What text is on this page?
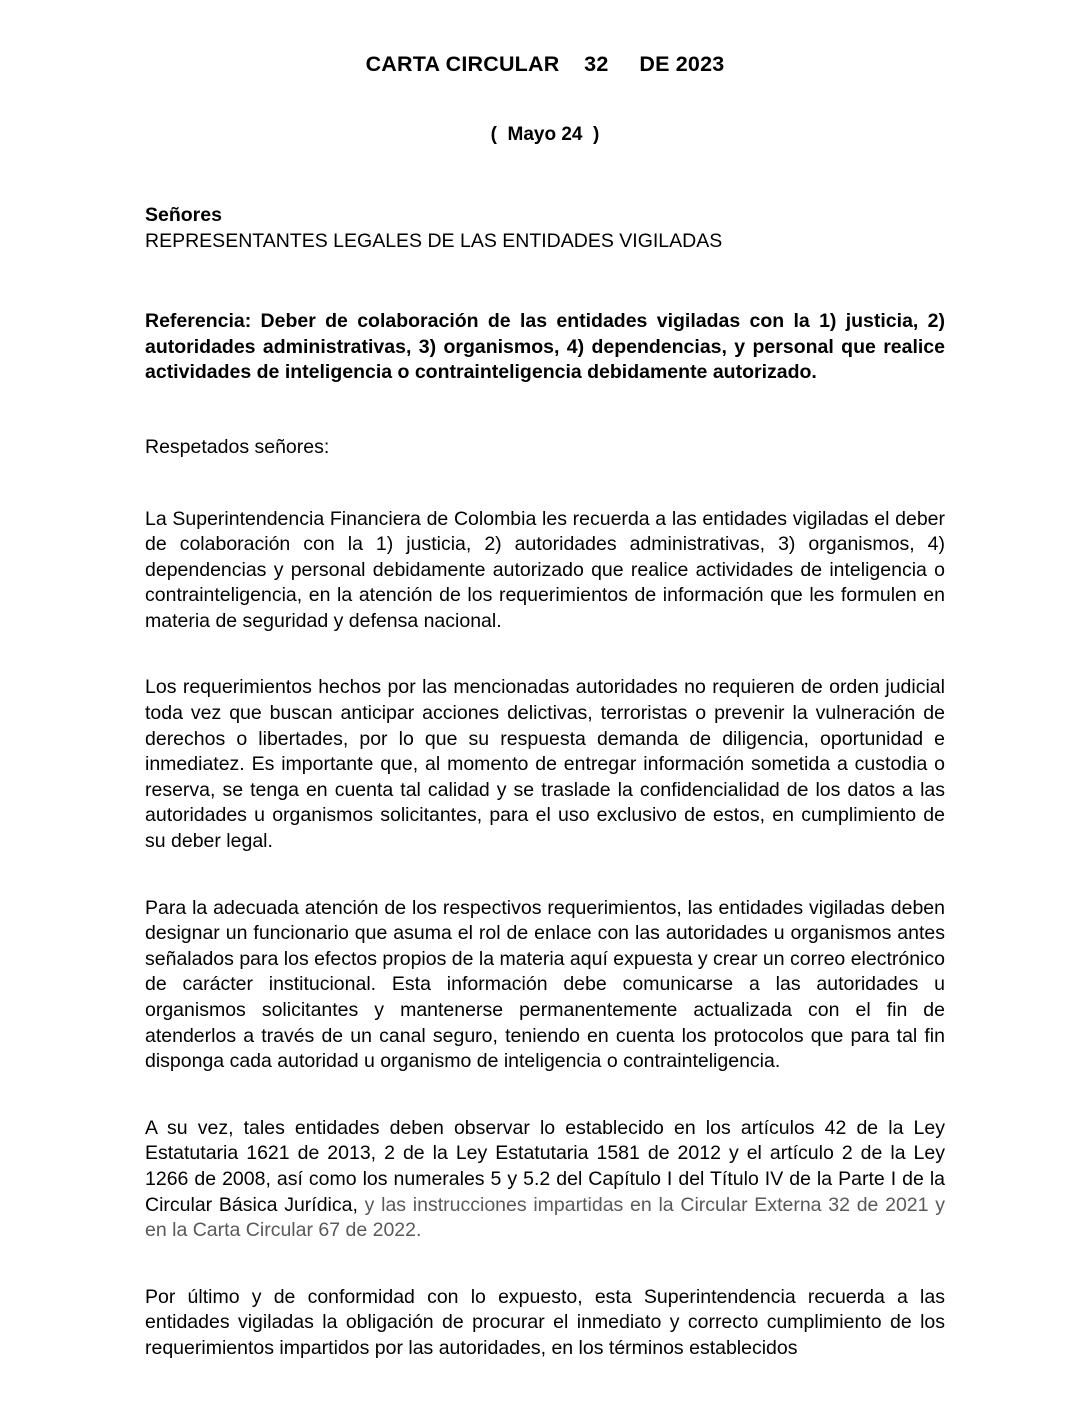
CARTA CIRCULAR    32     DE 2023
(  Mayo 24  )
Señores
REPRESENTANTES LEGALES DE LAS ENTIDADES VIGILADAS
Referencia: Deber de colaboración de las entidades vigiladas con la 1) justicia, 2) autoridades administrativas, 3) organismos, 4) dependencias, y personal que realice actividades de inteligencia o contrainteligencia debidamente autorizado.
Respetados señores:
La Superintendencia Financiera de Colombia les recuerda a las entidades vigiladas el deber de colaboración con la 1) justicia, 2) autoridades administrativas, 3) organismos, 4) dependencias y personal debidamente autorizado que realice actividades de inteligencia o contrainteligencia, en la atención de los requerimientos de información que les formulen en materia de seguridad y defensa nacional.
Los requerimientos hechos por las mencionadas autoridades no requieren de orden judicial toda vez que buscan anticipar acciones delictivas, terroristas o prevenir la vulneración de derechos o libertades, por lo que su respuesta demanda de diligencia, oportunidad e inmediatez. Es importante que, al momento de entregar información sometida a custodia o reserva, se tenga en cuenta tal calidad y se traslade la confidencialidad de los datos a las autoridades u organismos solicitantes, para el uso exclusivo de estos, en cumplimiento de su deber legal.
Para la adecuada atención de los respectivos requerimientos, las entidades vigiladas deben designar un funcionario que asuma el rol de enlace con las autoridades u organismos antes señalados para los efectos propios de la materia aquí expuesta y crear un correo electrónico de carácter institucional. Esta información debe comunicarse a las autoridades u organismos solicitantes y mantenerse permanentemente actualizada con el fin de atenderlos a través de un canal seguro, teniendo en cuenta los protocolos que para tal fin disponga cada autoridad u organismo de inteligencia o contrainteligencia.
A su vez, tales entidades deben observar lo establecido en los artículos 42 de la Ley Estatutaria 1621 de 2013, 2 de la Ley Estatutaria 1581 de 2012 y el artículo 2 de la Ley 1266 de 2008, así como los numerales 5 y 5.2 del Capítulo I del Título IV de la Parte I de la Circular Básica Jurídica, y las instrucciones impartidas en la Circular Externa 32 de 2021 y en la Carta Circular 67 de 2022.
Por último y de conformidad con lo expuesto, esta Superintendencia recuerda a las entidades vigiladas la obligación de procurar el inmediato y correcto cumplimiento de los requerimientos impartidos por las autoridades, en los términos establecidos
